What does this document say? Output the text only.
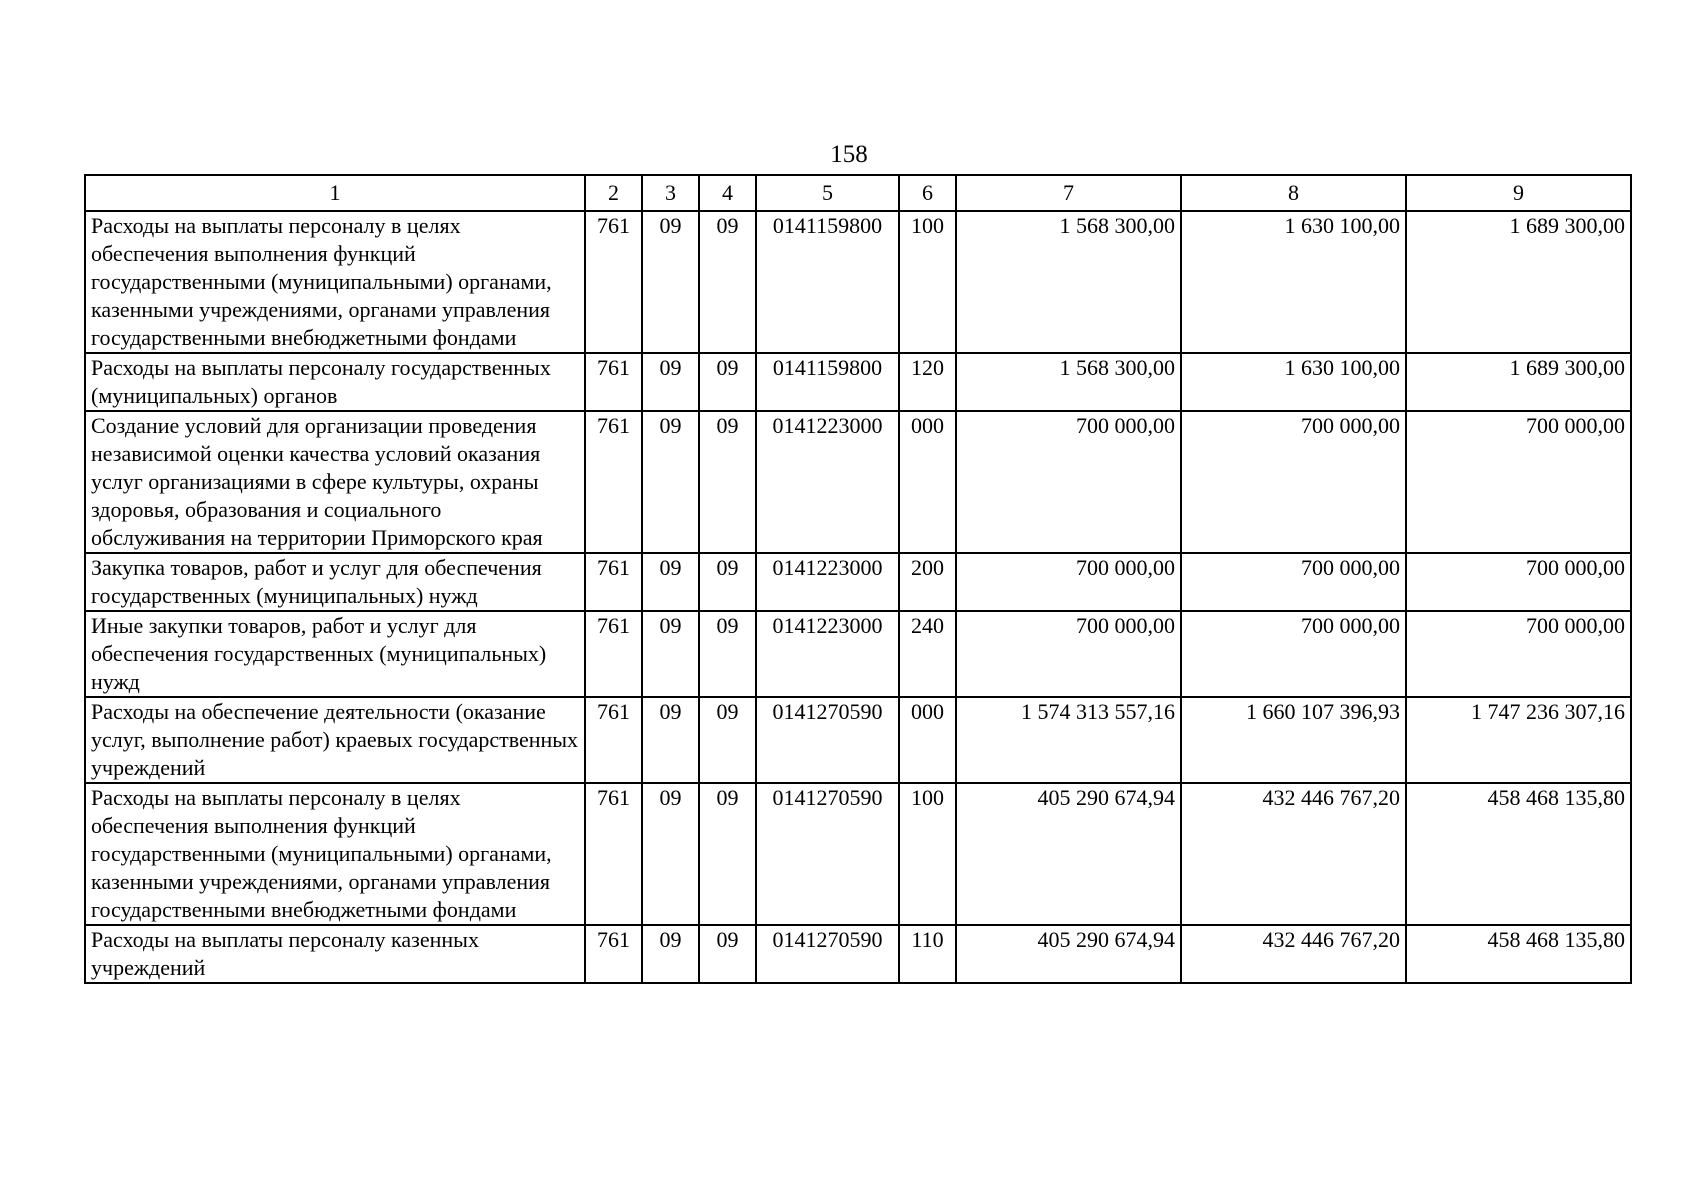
158
1	2	3	4	5	6	7	8	9
Расходы на выплаты персоналу в целях обеспечения выполнения функций государственными (муниципальными) органами, казенными учреждениями, органами управления государственными внебюджетными фондами	761	09	09	0141159800	100	1 568 300,00	1 630 100,00	1 689 300,00
Расходы на выплаты персоналу государственных (муниципальных) органов	761	09	09	0141159800	120	1 568 300,00	1 630 100,00	1 689 300,00
Создание условий для организации проведения независимой оценки качества условий оказания услуг организациями в сфере культуры, охраны здоровья, образования и социального обслуживания на территории Приморского края	761	09	09	0141223000	000	700 000,00	700 000,00	700 000,00
Закупка товаров, работ и услуг для обеспечения государственных (муниципальных) нужд	761	09	09	0141223000	200	700 000,00	700 000,00	700 000,00
Иные закупки товаров, работ и услуг для обеспечения государственных (муниципальных) нужд	761	09	09	0141223000	240	700 000,00	700 000,00	700 000,00
Расходы на обеспечение деятельности (оказание услуг, выполнение работ) краевых государственных учреждений	761	09	09	0141270590	000	1 574 313 557,16	1 660 107 396,93	1 747 236 307,16
Расходы на выплаты персоналу в целях обеспечения выполнения функций государственными (муниципальными) органами, казенными учреждениями, органами управления государственными внебюджетными фондами	761	09	09	0141270590	100	405 290 674,94	432 446 767,20	458 468 135,80
Расходы на выплаты персоналу казенных учреждений	761	09	09	0141270590	110	405 290 674,94	432 446 767,20	458 468 135,80
